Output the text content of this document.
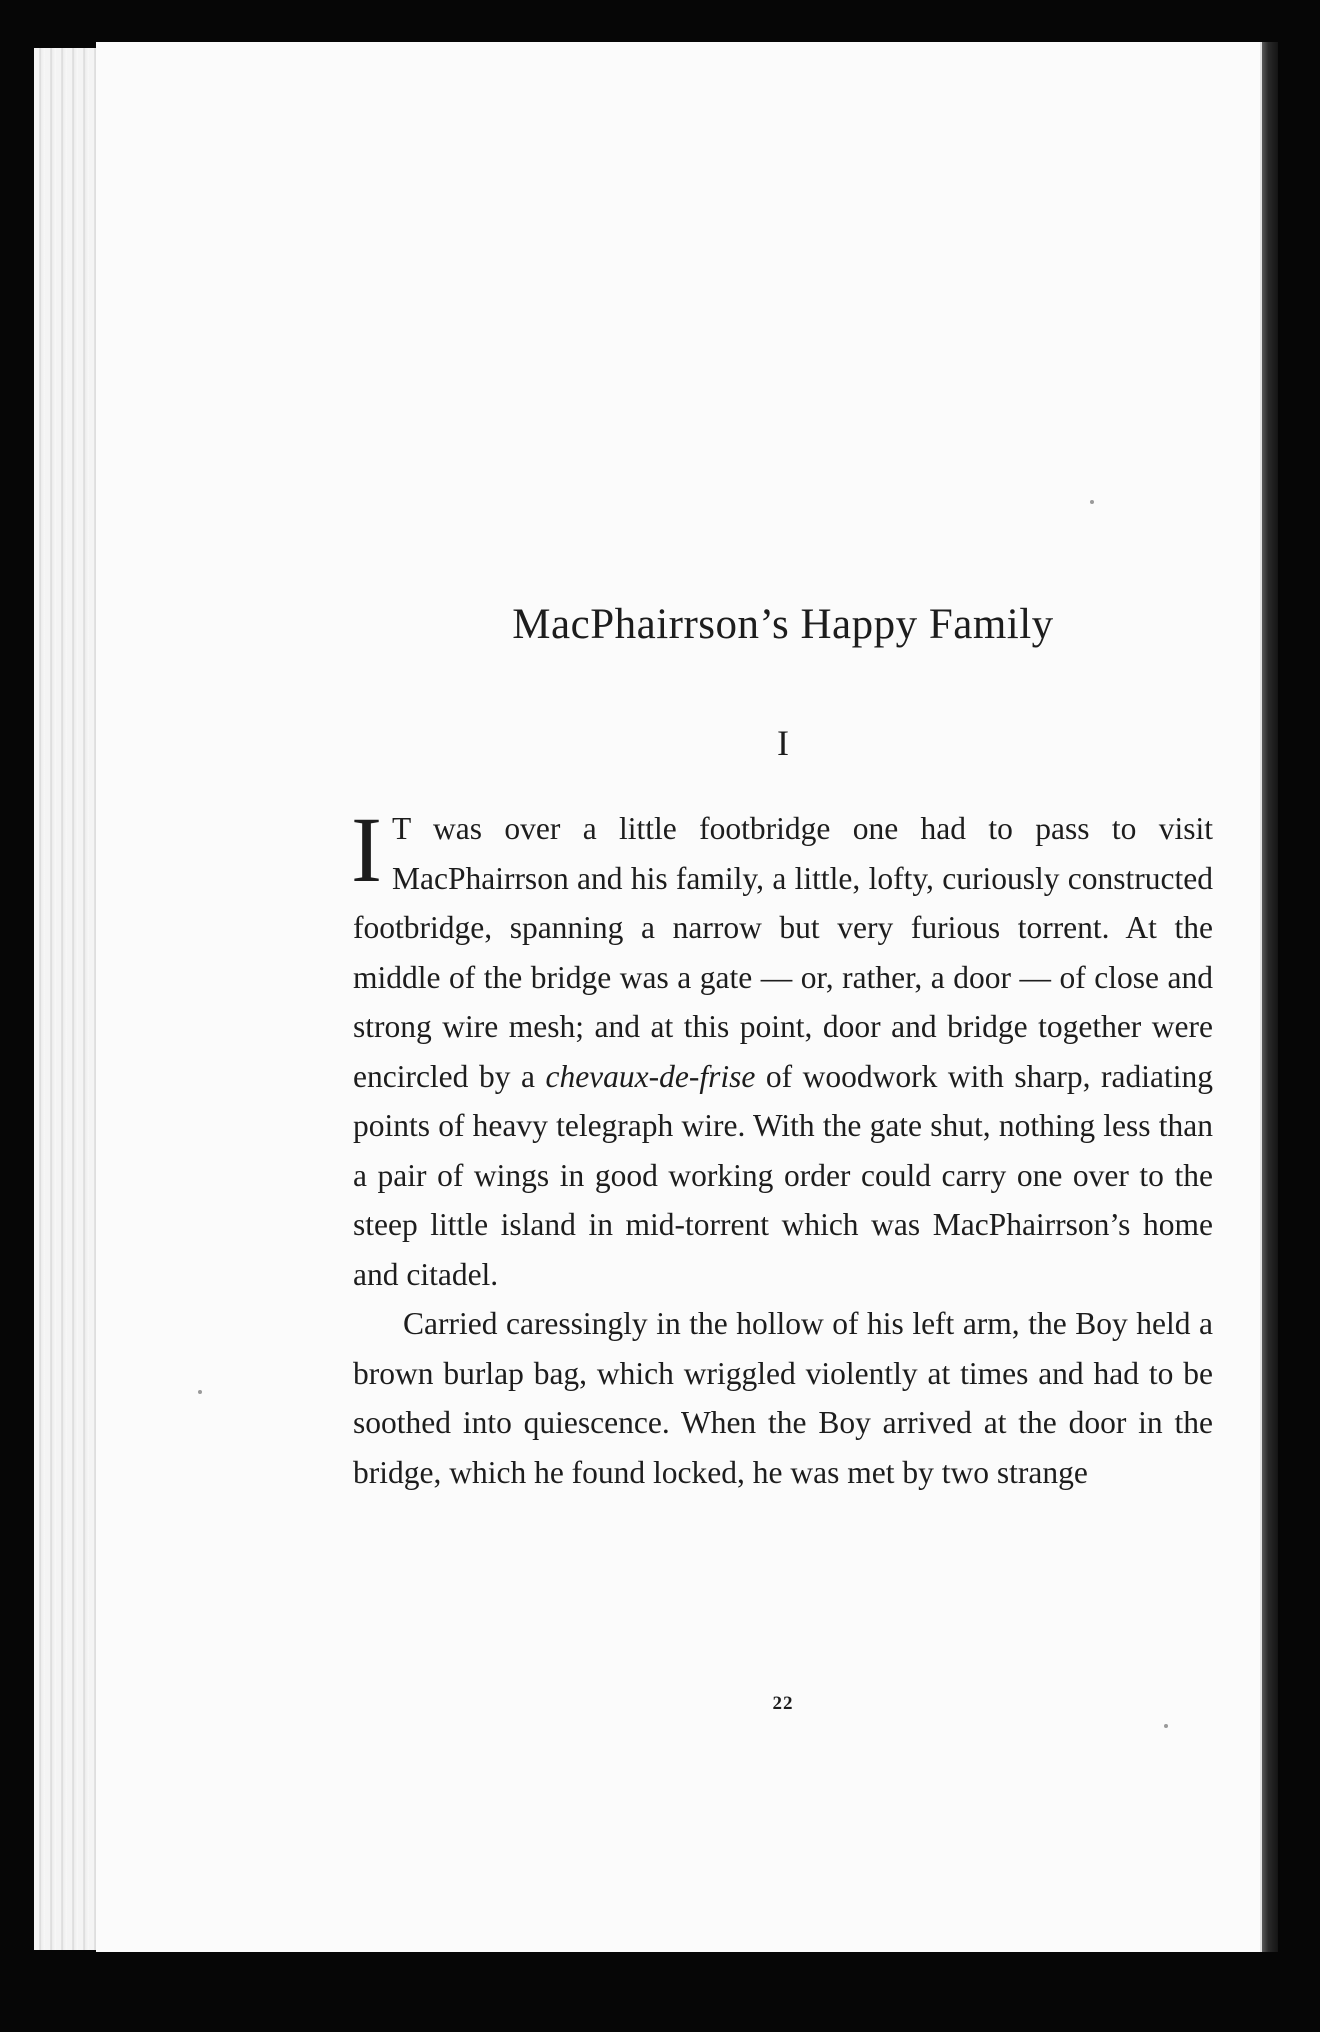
MacPhairrson’s Happy Family
I

I T was over a little footbridge one had to pass to visit MacPhairrson and his family, a little, lofty, curiously constructed footbridge, spanning a narrow but very furious torrent. At the middle of the bridge was a gate — or, rather, a door — of close and strong wire mesh; and at this point, door and bridge together were encircled by a chevaux-de-frise of woodwork with sharp, radiating points of heavy telegraph wire. With the gate shut, nothing less than a pair of wings in good working order could carry one over to the steep little island in mid-torrent which was MacPhairrson’s home and citadel.

Carried caressingly in the hollow of his left arm, the Boy held a brown burlap bag, which wriggled violently at times and had to be soothed into quiescence. When the Boy arrived at the door in the bridge, which he found locked, he was met by two strange

22
